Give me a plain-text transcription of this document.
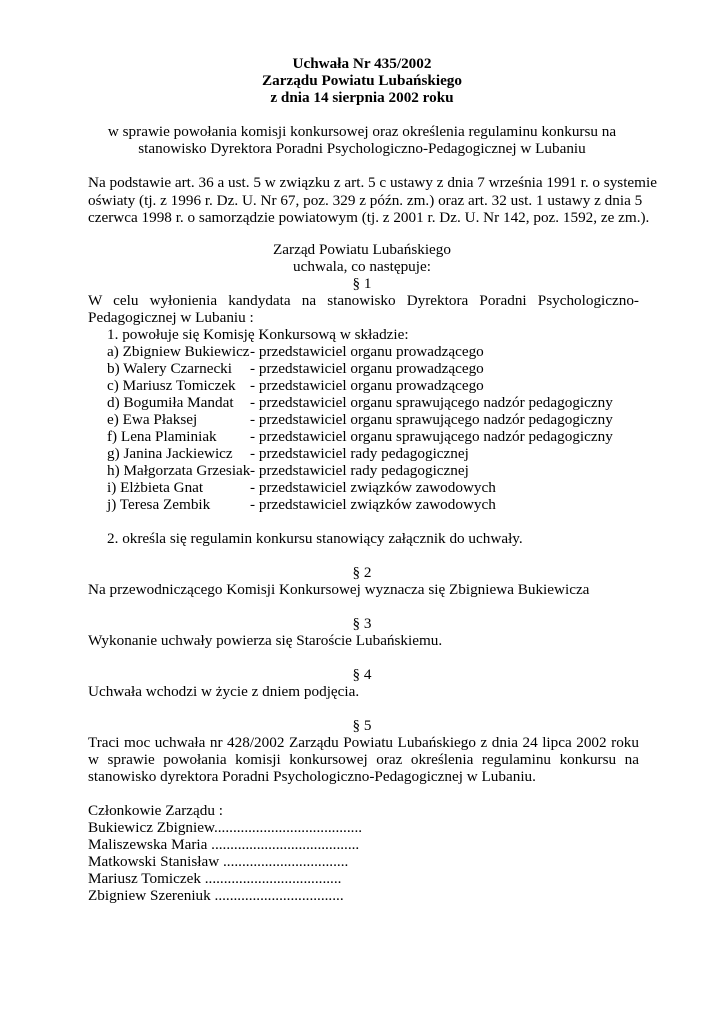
Uchwała Nr 435/2002
Zarządu Powiatu Lubańskiego
z dnia 14 sierpnia 2002 roku
w sprawie powołania komisji konkursowej oraz określenia regulaminu konkursu na
stanowisko Dyrektora Poradni Psychologiczno-Pedagogicznej w Lubaniu
Na podstawie art. 36 a ust. 5 w związku z art. 5 c ustawy z dnia 7 września 1991 r. o systemie
oświaty (tj. z 1996 r. Dz. U. Nr 67, poz. 329 z późn. zm.) oraz art. 32 ust. 1 ustawy z dnia 5
czerwca 1998 r. o samorządzie powiatowym (tj. z 2001 r. Dz. U. Nr 142, poz. 1592, ze zm.).
Zarząd Powiatu Lubańskiego
uchwala, co następuje:
§ 1
W celu wyłonienia kandydata na stanowisko Dyrektora Poradni Psychologiczno-
Pedagogicznej w Lubaniu :
1. powołuje się Komisję Konkursową w składzie:
a) Zbigniew Bukiewicz - przedstawiciel organu prowadzącego
b) Walery Czarnecki - przedstawiciel organu prowadzącego
c) Mariusz Tomiczek - przedstawiciel organu prowadzącego
d) Bogumiła Mandat - przedstawiciel organu sprawującego nadzór pedagogiczny
e) Ewa Płaksej	- przedstawiciel organu sprawującego nadzór pedagogiczny
f) Lena Plaminiak - przedstawiciel organu sprawującego nadzór pedagogiczny
g) Janina Jackiewicz - przedstawiciel rady pedagogicznej
h) Małgorzata Grzesiak - przedstawiciel rady pedagogicznej
i) Elżbieta Gnat	- przedstawiciel związków zawodowych
j) Teresa Zembik	- przedstawiciel związków zawodowych
2. określa się regulamin konkursu stanowiący załącznik do uchwały.
§ 2
Na przewodniczącego Komisji Konkursowej wyznacza się Zbigniewa Bukiewicza
§ 3
Wykonanie uchwały powierza się Staroście Lubańskiemu.
§ 4
Uchwała wchodzi w życie z dniem podjęcia.
§ 5
Traci moc uchwała nr 428/2002 Zarządu Powiatu Lubańskiego z dnia 24 lipca 2002 roku
w sprawie powołania komisji konkursowej oraz określenia regulaminu konkursu na
stanowisko dyrektora Poradni Psychologiczno-Pedagogicznej w Lubaniu.
Członkowie Zarządu :
Bukiewicz Zbigniew.......................................
Maliszewska Maria .......................................
Matkowski Stanisław .................................
Mariusz Tomiczek ....................................
Zbigniew Szereniuk ..................................
